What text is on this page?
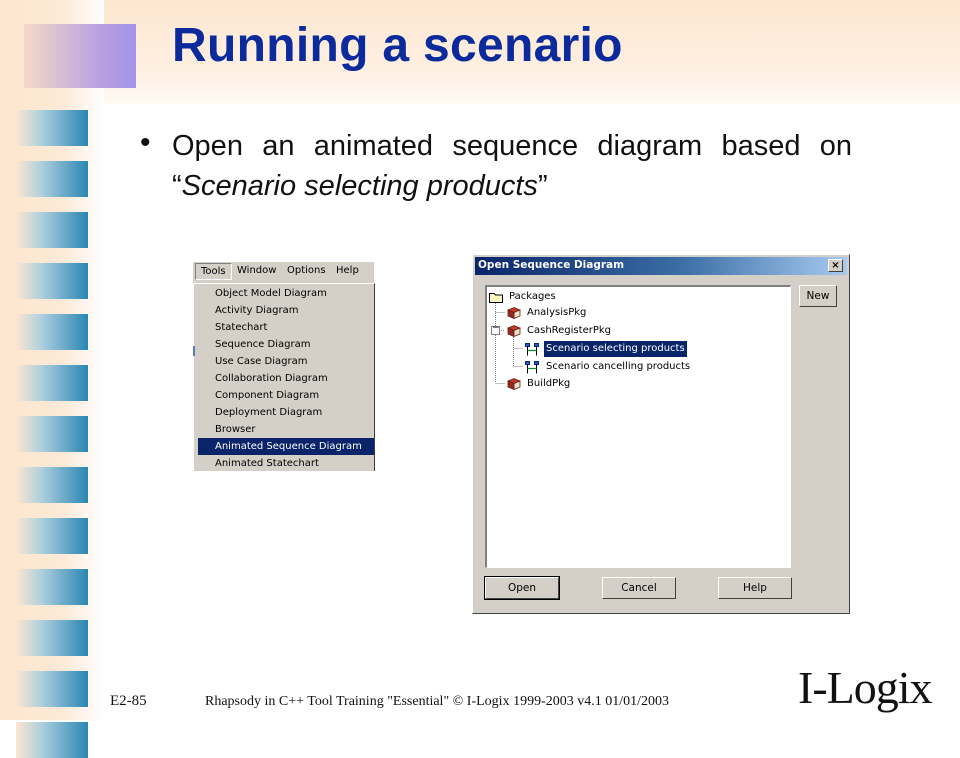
Running a scenario
• Open an animated sequence diagram based on “Scenario selecting products”
Tools	Window Options Help
Object Model Diagram
Activity Diagram
Statechart
Sequence Diagram
Use Case Diagram
Collaboration Diagram
Component Diagram
Deployment Diagram
Browser
Animated Sequence Diagram
Animated Statechart
Open Sequence Diagram	×
−
Packages
AnalysisPkg
CashRegisterPkg
Scenario selecting products
Scenario cancelling products
BuildPkg
New
Open	Cancel	Help
E2-85	Rhapsody in C++ Tool Training "Essential" © I-Logix 1999-2003 v4.1 01/01/2003	I-Logix
